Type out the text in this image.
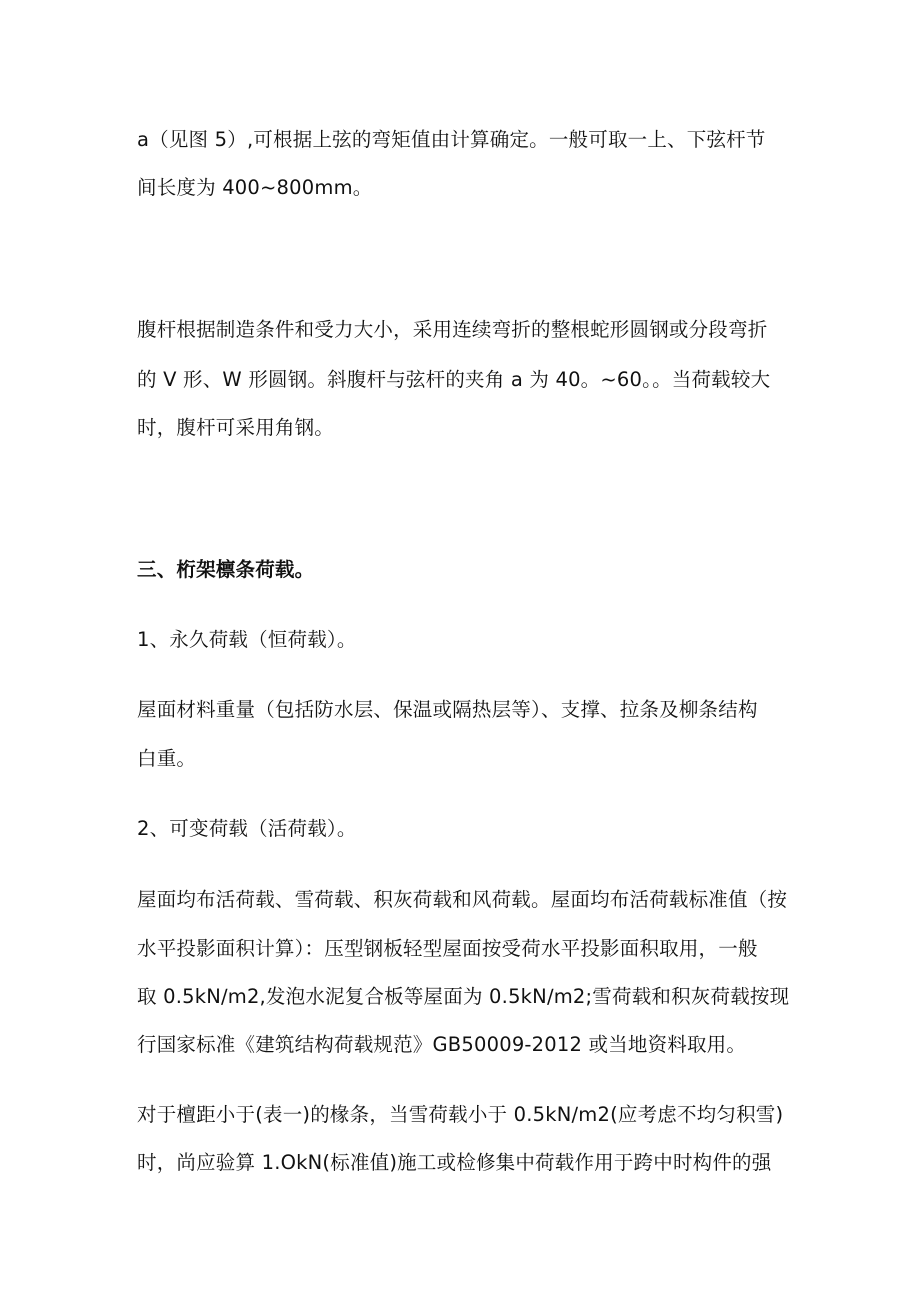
a（见图 5）,可根据上弦的弯矩值由计算确定。一般可取一上、下弦杆节
间长度为 400~800mm。
腹杆根据制造条件和受力大小，采用连续弯折的整根蛇形圆钢或分段弯折
的 V 形、W 形圆钢。斜腹杆与弦杆的夹角 a 为 40。~60。。当荷载较大
时，腹杆可采用角钢。
三、桁架檩条荷载。
1、永久荷载（恒荷载）。
屋面材料重量（包括防水层、保温或隔热层等）、支撑、拉条及柳条结构
白重。
2、可变荷载（活荷载）。
屋面均布活荷载、雪荷载、积灰荷载和风荷载。屋面均布活荷载标准值（按
水平投影面积计算）：压型钢板轻型屋面按受荷水平投影面积取用，一般
取 0.5kN∕m2,发泡水泥复合板等屋面为 0.5kN∕m2;雪荷载和积灰荷载按现
行国家标准《建筑结构荷载规范》GB50009-2012 或当地资料取用。
对于檀距小于(表一)的椽条，当雪荷载小于 0.5kN∕m2(应考虑不均匀积雪)
时，尚应验算 1.OkN(标准值)施工或检修集中荷载作用于跨中时构件的强
